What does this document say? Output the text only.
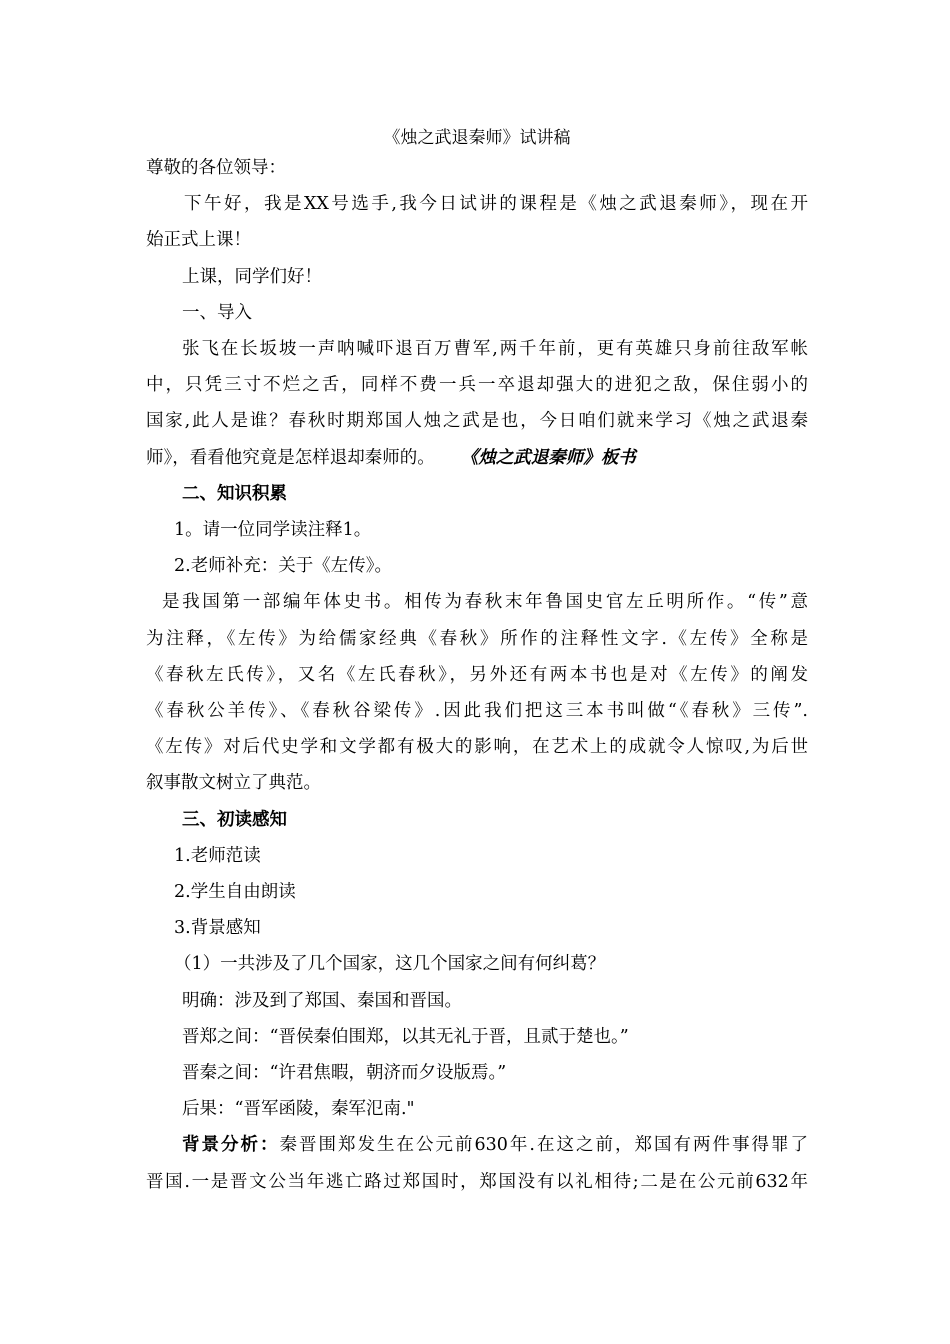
《烛之武退秦师》试讲稿

尊敬的各位领导：

下午好，我是XX号选手,我今日试讲的课程是《烛之武退秦师》，现在开

始正式上课！

上课，同学们好！

一、导入

张飞在长坂坡一声呐喊吓退百万曹军,两千年前，更有英雄只身前往敌军帐

中，只凭三寸不烂之舌，同样不费一兵一卒退却强大的进犯之敌，保住弱小的

国家,此人是谁？春秋时期郑国人烛之武是也，今日咱们就来学习《烛之武退秦

师》，看看他究竟是怎样退却秦师的。 《烛之武退秦师》板书

二、知识积累

1。请一位同学读注释1。

2.老师补充：关于《左传》。

是我国第一部编年体史书。相传为春秋末年鲁国史官左丘明所作。“传”意

为注释，《左传》为给儒家经典《春秋》所作的注释性文字.《左传》全称是

《春秋左氏传》，又名《左氏春秋》，另外还有两本书也是对《左传》的阐发

《春秋公羊传》、《春秋谷梁传》.因此我们把这三本书叫做“《春秋》三传”.

《左传》对后代史学和文学都有极大的影响，在艺术上的成就令人惊叹,为后世

叙事散文树立了典范。

三、初读感知

1.老师范读

2.学生自由朗读

3.背景感知

（1）一共涉及了几个国家，这几个国家之间有何纠葛？

明确：涉及到了郑国、秦国和晋国。

晋郑之间：“晋侯秦伯围郑，以其无礼于晋，且贰于楚也。”

晋秦之间：“许君焦暇，朝济而夕设版焉。”

后果：“晋军函陵，秦军氾南."

背景分析：秦晋围郑发生在公元前630年.在这之前，郑国有两件事得罪了

晋国.一是晋文公当年逃亡路过郑国时，郑国没有以礼相待;二是在公元前632年
